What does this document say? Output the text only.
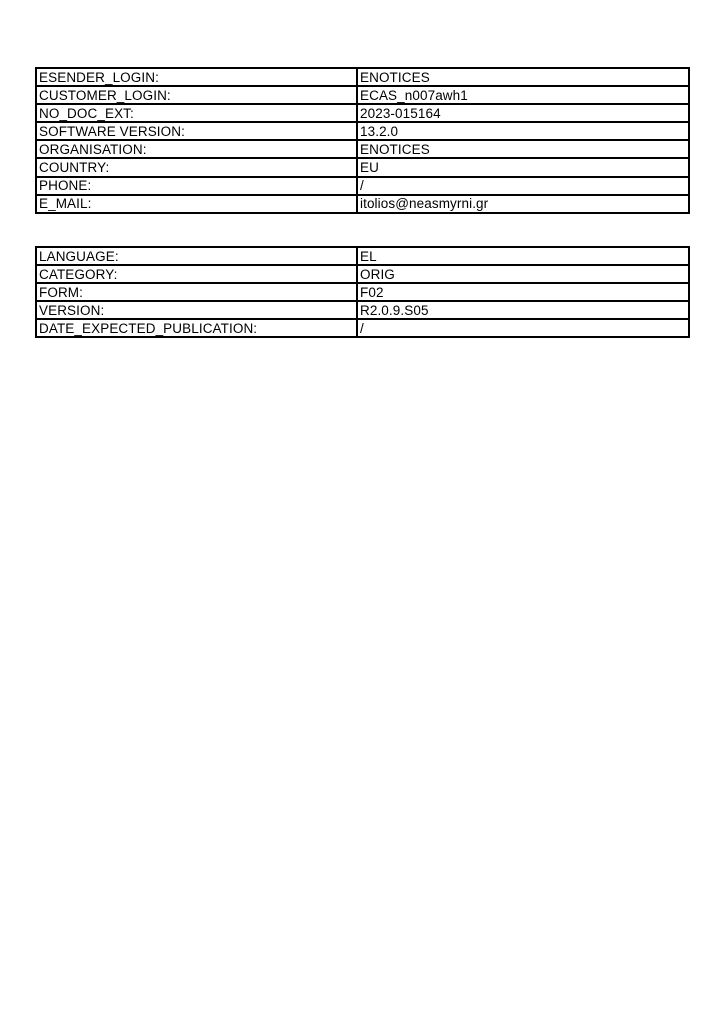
ESENDER_LOGIN:	ENOTICES
CUSTOMER_LOGIN:	ECAS_n007awh1
NO_DOC_EXT:	2023-015164
SOFTWARE VERSION:	13.2.0
ORGANISATION:	ENOTICES
COUNTRY:	EU
PHONE:	/
E_MAIL:	itolios@neasmyrni.gr
LANGUAGE:	EL
CATEGORY:	ORIG
FORM:	F02
VERSION:	R2.0.9.S05
DATE_EXPECTED_PUBLICATION:	/
